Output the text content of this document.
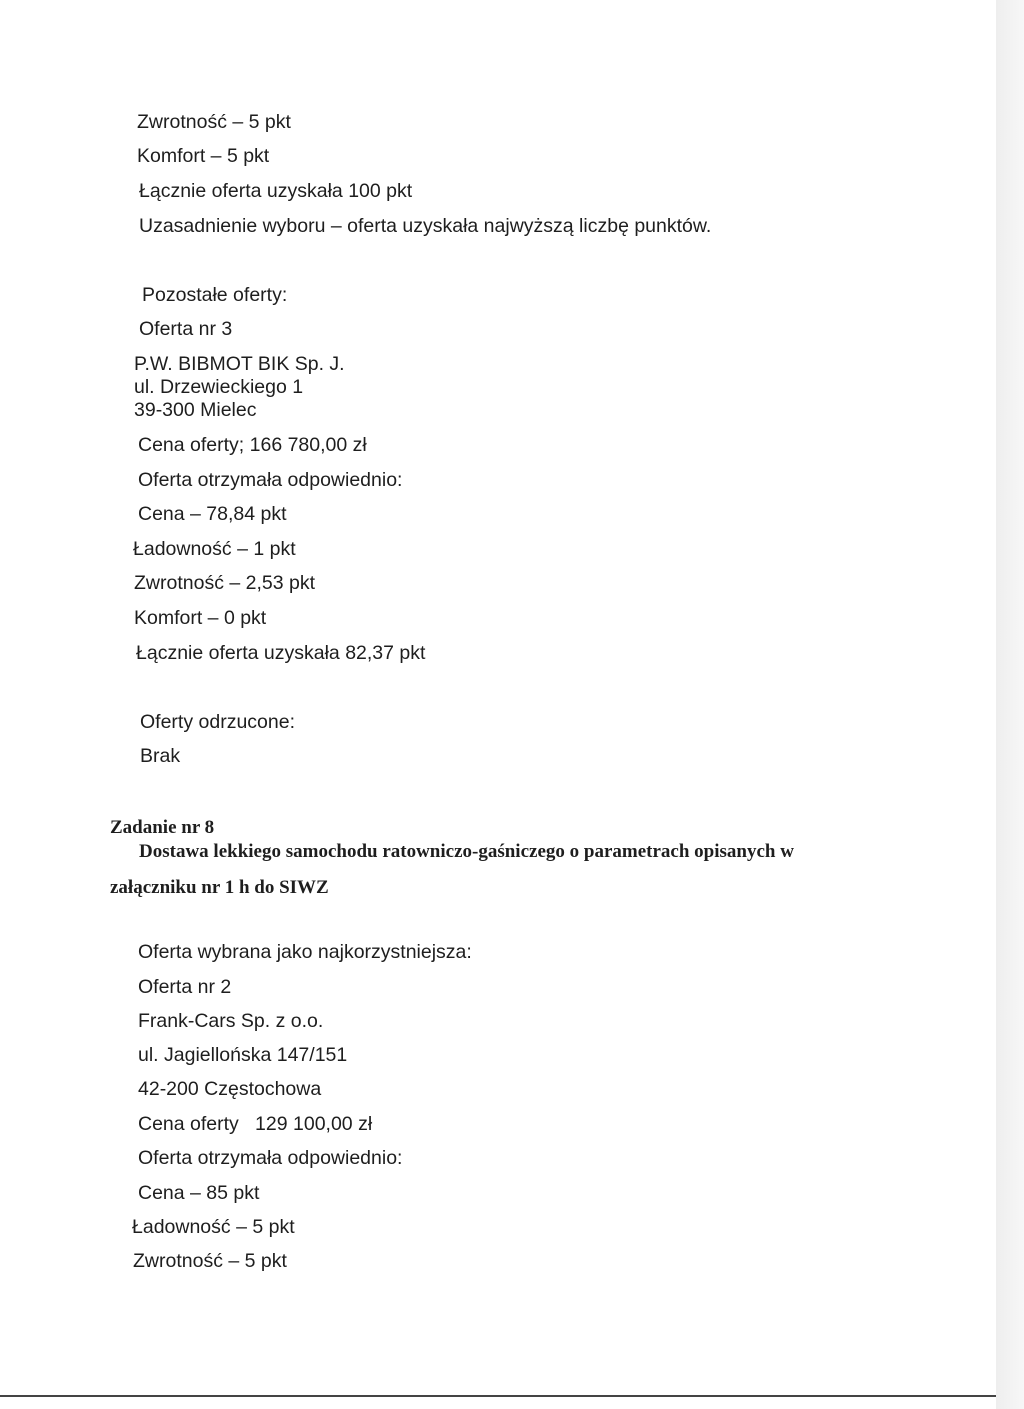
Zwrotność – 5 pkt
Komfort – 5 pkt
Łącznie oferta uzyskała 100 pkt
Uzasadnienie wyboru – oferta uzyskała najwyższą liczbę punktów.
Pozostałe oferty:
Oferta nr 3
P.W. BIBMOT BIK Sp. J.
ul. Drzewieckiego 1
39-300 Mielec
Cena oferty; 166 780,00 zł
Oferta otrzymała odpowiednio:
Cena – 78,84 pkt
Ładowność – 1 pkt
Zwrotność – 2,53 pkt
Komfort – 0 pkt
Łącznie oferta uzyskała 82,37 pkt
Oferty odrzucone:
Brak
Zadanie nr 8
Dostawa lekkiego samochodu ratowniczo-gaśniczego o parametrach opisanych w
załączniku nr 1 h do SIWZ
Oferta wybrana jako najkorzystniejsza:
Oferta nr 2
Frank-Cars Sp. z o.o.
ul. Jagiellońska 147/151
42-200 Częstochowa
Cena oferty   129 100,00 zł
Oferta otrzymała odpowiednio:
Cena – 85 pkt
Ładowność – 5 pkt
Zwrotność – 5 pkt
